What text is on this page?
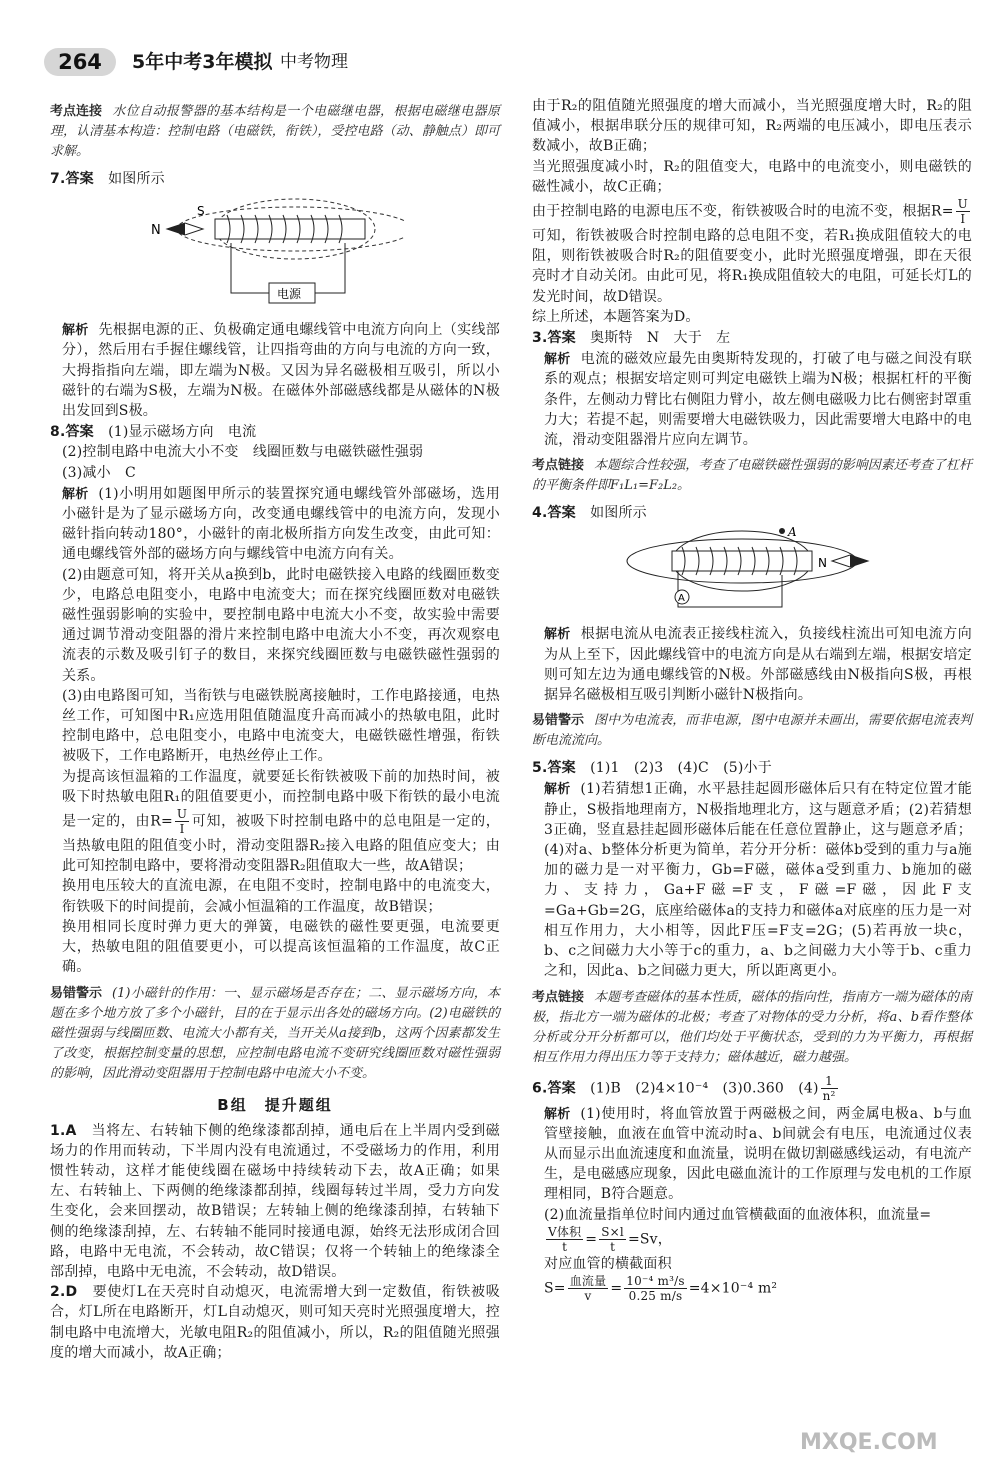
264	5年中考3年模拟 中考物理

考点连接 水位自动报警器的基本结构是一个电磁继电器，根据电磁继电器原理，认清基本构造：控制电路（电磁铁，衔铁），受控电路（动、静触点）即可求解。

7.答案　 如图所示

N
S
电源

解析 先根据电源的正、负极确定通电螺线管中电流方向向上（实线部分），然后用右手握住螺线管，让四指弯曲的方向与电流的方向一致，大拇指指向左端，即左端为N极。又因为异名磁极相互吸引，所以小磁针的右端为S极，左端为N极。在磁体外部磁感线都是从磁体的N极出发回到S极。

8.答案　 (1)显示磁场方向　电流

(2)控制电路中电流大小不变　线圈匝数与电磁铁磁性强弱

(3)减小　C

解析 (1)小明用如题图甲所示的装置探究通电螺线管外部磁场，选用小磁针是为了显示磁场方向，改变通电螺线管中的电流方向，发现小磁针指向转动180°，小磁针的南北极所指方向发生改变，由此可知：通电螺线管外部的磁场方向与螺线管中电流方向有关。

(2)由题意可知，将开关从a换到b，此时电磁铁接入电路的线圈匝数变少，电路总电阻变小，电路中电流变大；而在探究线圈匝数对电磁铁磁性强弱影响的实验中，要控制电路中电流大小不变，故实验中需要通过调节滑动变阻器的滑片来控制电路中电流大小不变，再次观察电流表的示数及吸引钉子的数目，来探究线圈匝数与电磁铁磁性强弱的关系。

(3)由电路图可知，当衔铁与电磁铁脱离接触时，工作电路接通，电热丝工作，可知图中R₁应选用阻值随温度升高而减小的热敏电阻，此时控制电路中，总电阻变小，电路中电流变大，电磁铁磁性增强，衔铁被吸下，工作电路断开，电热丝停止工作。

为提高该恒温箱的工作温度，就要延长衔铁被吸下前的加热时间，被吸下时热敏电阻R₁的阻值要更小，而控制电路中吸下衔铁的最小电流是一定的，由$R= \frac{U}{I}$ 可知，被吸下时控制电路中的总电阻是一定的，当热敏电阻的阻值变小时，滑动变阻器R₂接入电路的阻值应变大；由此可知控制电路中，要将滑动变阻器R₂阻值取大一些，故A错误；

换用电压较大的直流电源，在电阻不变时，控制电路中的电流变大，衔铁吸下的时间提前，会减小恒温箱的工作温度，故B错误；

换用相同长度时弹力更大的弹簧，电磁铁的磁性要更强，电流要更大，热敏电阻的阻值要更小，可以提高该恒温箱的工作温度，故C正确。

易错警示 (1)小磁针的作用：一、显示磁场是否存在；二、显示磁场方向，本题在多个地方放了多个小磁针，目的在于显示出各处的磁场方向。(2)电磁铁的磁性强弱与线圈匝数、电流大小都有关，当开关从a接到b，这两个因素都发生了改变，根据控制变量的思想，应控制电路电流不变研究线圈匝数对磁性强弱的影响，因此滑动变阻器用于控制电路中电流大小不变。

B组　提升题组

1.A　 当将左、右转轴下侧的绝缘漆都刮掉，通电后在上半周内受到磁场力的作用而转动，下半周内没有电流通过，不受磁场力的作用，利用惯性转动，这样才能使线圈在磁场中持续转动下去，故A正确；如果左、右转轴上、下两侧的绝缘漆都刮掉，线圈每转过半周，受力方向发生变化，会来回摆动，故B错误；左转轴上侧的绝缘漆刮掉，右转轴下侧的绝缘漆刮掉，左、右转轴不能同时接通电源，始终无法形成闭合回路，电路中无电流，不会转动，故C错误；仅将一个转轴上的绝缘漆全部刮掉，电路中无电流，不会转动，故D错误。

2.D　 要使灯L在天亮时自动熄灭，电流需增大到一定数值，衔铁被吸合，灯L所在电路断开，灯L自动熄灭，则可知天亮时光照强度增大，控制电路中电流增大，光敏电阻R₂的阻值减小，所以，R₂的阻值随光照强度的增大而减小，故A正确；

由于R₂的阻值随光照强度的增大而减小，当光照强度增大时，R₂的阻值减小，根据串联分压的规律可知，R₂两端的电压减小，即电压表示数减小，故B正确；

当光照强度减小时，R₂的阻值变大，电路中的电流变小，则电磁铁的磁性减小，故C正确；

由于控制电路的电源电压不变，衔铁被吸合时的电流不变，根据$R= \frac{U}{I}$
可知，衔铁被吸合时控制电路的总电阻不变，若R₁换成阻值较大的电阻，则衔铁被吸合时R₂的阻值要变小，此时光照强度增强，即在天很亮时才自动关闭。由此可见，将R₁换成阻值较大的电阻，可延长灯L的发光时间，故D错误。

综上所述，本题答案为D。

3.答案　 奥斯特　N　大于　左

解析 电流的磁效应最先由奥斯特发现的，打破了电与磁之间没有联系的观点；根据安培定则可判定电磁铁上端为N极；根据杠杆的平衡条件，左侧动力臂比右侧阻力臂小，故左侧电磁吸力比右侧密封罩重力大；若提不起，则需要增大电磁铁吸力，因此需要增大电路中的电流，滑动变阻器滑片应向左调节。

考点链接 本题综合性较强，考查了电磁铁磁性强弱的影响因素还考查了杠杆的平衡条件即F₁L₁=F₂L₂。

4.答案　 如图所示

A
N
A

解析 根据电流从电流表正接线柱流入，负接线柱流出可知电流方向为从上至下，因此螺线管中的电流方向是从右端到左端，根据安培定则可知左边为通电螺线管的N极。外部磁感线由N极指向S极，再根据异名磁极相互吸引判断小磁针N极指向。

易错警示 图中为电流表，而非电源，图中电源并未画出，需要依据电流表判断电流流向。

5.答案　 (1)1　(2)3　(4)C　(5)小于

解析 (1)若猜想1正确，水平悬挂起圆形磁体后只有在特定位置才能静止，S极指地理南方，N极指地理北方，这与题意矛盾；(2)若猜想3正确，竖直悬挂起圆形磁体后能在任意位置静止，这与题意矛盾；(4)对a、b整体分析更为简单，若分开分析：磁体b受到的重力与a施加的磁力是一对平衡力，Gb=F磁，磁体a受到重力、b施加的磁力、支持力，Ga+F磁=F支，F磁=F磁，因此F支=Ga+Gb=2G，底座给磁体a的支持力和磁体a对底座的压力是一对相互作用力，大小相等，因此F压=F支=2G；(5)若再放一块c，b、c之间磁力大小等于c的重力，a、b之间磁力大小等于b、c重力之和，因此a、b之间磁力更大，所以距离更小。

考点链接 本题考查磁体的基本性质，磁体的指向性，指南方一端为磁体的南极，指北方一端为磁体的北极；考查了对物体的受力分析，将a、b看作整体分析或分开分析都可以，他们均处于平衡状态，受到的力为平衡力，再根据相互作用力得出压力等于支持力；磁体越近，磁力越强。

6.答案　 (1)B　(2)4×10⁻⁴　(3)0.360　$(4) \frac{1}{\text{n²}}$

解析 (1)使用时，将血管放置于两磁极之间，两金属电极a、b与血管壁接触，血液在血管中流动时a、b间就会有电压，电流通过仪表从而显示出血流速度和血流量，说明在做切割磁感线运动，有电流产生，是电磁感应现象，因此电磁血流计的工作原理与发电机的工作原理相同，B符合题意。

(2)血流量指单位时间内通过血管横截面的血液体积，血流量=

$\frac{\text{V体积}}{t} = \frac{S\times l}{t} =Sv$，

对应血管的横截面积

$S= \frac{\text{血流量}}{v} = \frac{\text{10⁻⁴ m³/s}}{0.25 m/s} =4\times 10^{-4}$ m²

MXQE.COM
